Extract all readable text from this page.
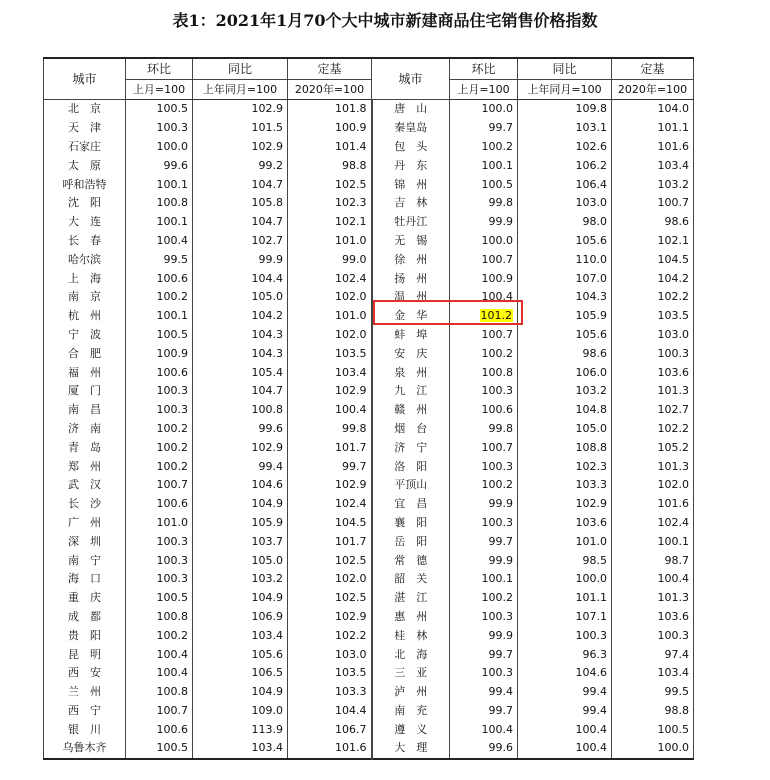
表1：2021年1月70个大中城市新建商品住宅销售价格指数
城市	环比	同比	定基	城市	环比	同比	定基
	上月=100	上年同月=100	2020年=100		上月=100	上年同月=100	2020年=100
北　京	100.5	102.9	101.8	唐　山	100.0	109.8	104.0
天　津	100.3	101.5	100.9	秦皇岛	99.7	103.1	101.1
石家庄	100.0	102.9	101.4	包　头	100.2	102.6	101.6
太　原	99.6	99.2	98.8	丹　东	100.1	106.2	103.4
呼和浩特	100.1	104.7	102.5	锦　州	100.5	106.4	103.2
沈　阳	100.8	105.8	102.3	吉　林	99.8	103.0	100.7
大　连	100.1	104.7	102.1	牡丹江	99.9	98.0	98.6
长　春	100.4	102.7	101.0	无　锡	100.0	105.6	102.1
哈尔滨	99.5	99.9	99.0	徐　州	100.7	110.0	104.5
上　海	100.6	104.4	102.4	扬　州	100.9	107.0	104.2
南　京	100.2	105.0	102.0	温　州	100.4	104.3	102.2
杭　州	100.1	104.2	101.0	金　华	101.2	105.9	103.5
宁　波	100.5	104.3	102.0	蚌　埠	100.7	105.6	103.0
合　肥	100.9	104.3	103.5	安　庆	100.2	98.6	100.3
福　州	100.6	105.4	103.4	泉　州	100.8	106.0	103.6
厦　门	100.3	104.7	102.9	九　江	100.3	103.2	101.3
南　昌	100.3	100.8	100.4	赣　州	100.6	104.8	102.7
济　南	100.2	99.6	99.8	烟　台	99.8	105.0	102.2
青　岛	100.2	102.9	101.7	济　宁	100.7	108.8	105.2
郑　州	100.2	99.4	99.7	洛　阳	100.3	102.3	101.3
武　汉	100.7	104.6	102.9	平顶山	100.2	103.3	102.0
长　沙	100.6	104.9	102.4	宜　昌	99.9	102.9	101.6
广　州	101.0	105.9	104.5	襄　阳	100.3	103.6	102.4
深　圳	100.3	103.7	101.7	岳　阳	99.7	101.0	100.1
南　宁	100.3	105.0	102.5	常　德	99.9	98.5	98.7
海　口	100.3	103.2	102.0	韶　关	100.1	100.0	100.4
重　庆	100.5	104.9	102.5	湛　江	100.2	101.1	101.3
成　都	100.8	106.9	102.9	惠　州	100.3	107.1	103.6
贵　阳	100.2	103.4	102.2	桂　林	99.9	100.3	100.3
昆　明	100.4	105.6	103.0	北　海	99.7	96.3	97.4
西　安	100.4	106.5	103.5	三　亚	100.3	104.6	103.4
兰　州	100.8	104.9	103.3	泸　州	99.4	99.4	99.5
西　宁	100.7	109.0	104.4	南　充	99.7	99.4	98.8
银　川	100.6	113.9	106.7	遵　义	100.4	100.4	100.5
乌鲁木齐	100.5	103.4	101.6	大　理	99.6	100.4	100.0
